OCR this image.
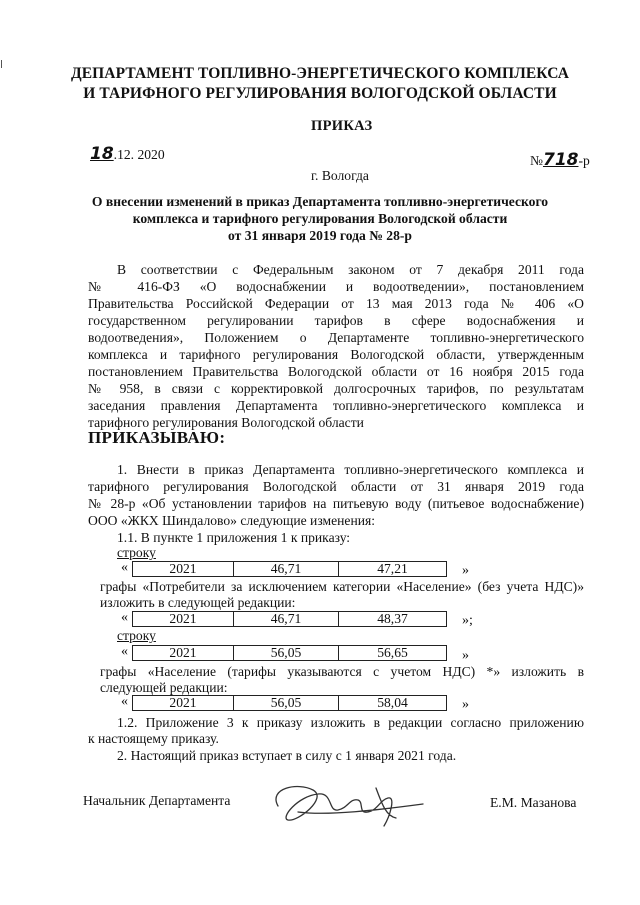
ДЕПАРТАМЕНТ ТОПЛИВНО-ЭНЕРГЕТИЧЕСКОГО КОМПЛЕКСА
И ТАРИФНОГО РЕГУЛИРОВАНИЯ ВОЛОГОДСКОЙ ОБЛАСТИ
ПРИКАЗ
18.12. 2020	№718-р
г. Вологда
О внесении изменений в приказ Департамента топливно-энергетического
комплекса и тарифного регулирования Вологодской области
от 31 января 2019 года № 28-р
В соответствии с Федеральным законом от 7 декабря 2011 года
№ 416-ФЗ «О водоснабжении и водоотведении», постановлением
Правительства Российской Федерации от 13 мая 2013 года № 406 «О
государственном регулировании тарифов в сфере водоснабжения и
водоотведения», Положением о Департаменте топливно-энергетического
комплекса и тарифного регулирования Вологодской области, утвержденным
постановлением Правительства Вологодской области от 16 ноября 2015 года
№ 958, в связи с корректировкой долгосрочных тарифов, по результатам
заседания правления Департамента топливно-энергетического комплекса и
тарифного регулирования Вологодской области
ПРИКАЗЫВАЮ:
1. Внести в приказ Департамента топливно-энергетического комплекса и
тарифного регулирования Вологодской области от 31 января 2019 года
№ 28-р «Об установлении тарифов на питьевую воду (питьевое водоснабжение)
ООО «ЖКХ Шиндалово» следующие изменения:
1.1. В пункте 1 приложения 1 к приказу:
строку
«	2021	46,71	47,21	»
графы «Потребители за исключением категории «Население» (без учета НДС)»
изложить в следующей редакции:
«	2021	46,71	48,37	»;
строку
«	2021	56,05	56,65	»
графы «Население (тарифы указываются с учетом НДС) *» изложить в
следующей редакции:
«	2021	56,05	58,04	»
1.2. Приложение 3 к приказу изложить в редакции согласно приложению
к настоящему приказу.
2. Настоящий приказ вступает в силу с 1 января 2021 года.
Начальник Департамента	Е.М. Мазанова
